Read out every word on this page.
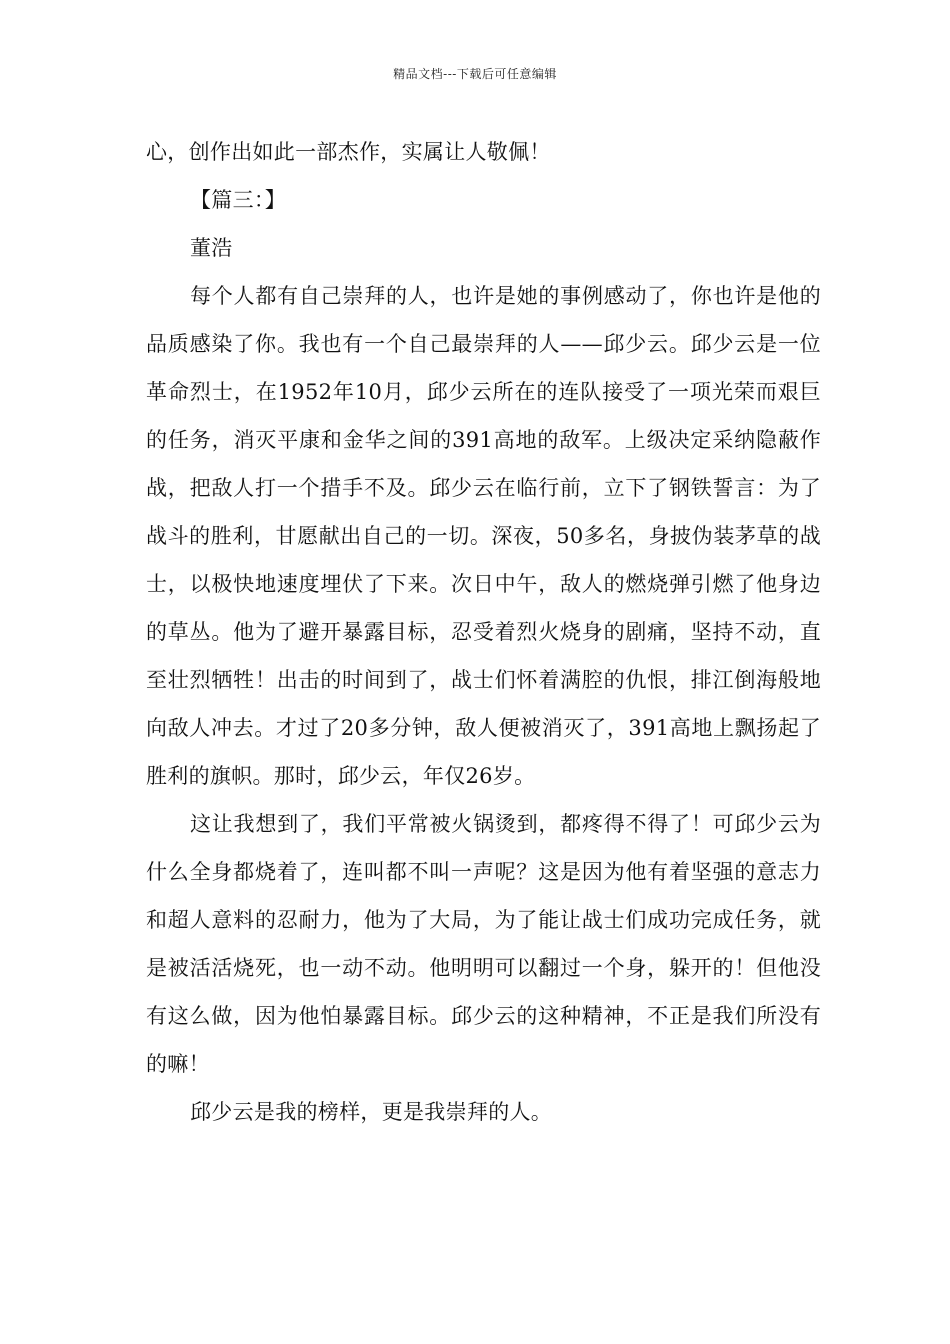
精品文档---下载后可任意编辑

心，创作出如此一部杰作，实属让人敬佩！

【篇三：】

董浩

每个人都有自己崇拜的人，也许是她的事例感动了，你也许是他的品质感染了你。我也有一个自己最崇拜的人——邱少云。邱少云是一位革命烈士，在1952年10月，邱少云所在的连队接受了一项光荣而艰巨的任务，消灭平康和金华之间的391高地的敌军。上级决定采纳隐蔽作战，把敌人打一个措手不及。邱少云在临行前，立下了钢铁誓言：为了战斗的胜利，甘愿献出自己的一切。深夜，50多名，身披伪装茅草的战士，以极快地速度埋伏了下来。次日中午，敌人的燃烧弹引燃了他身边的草丛。他为了避开暴露目标，忍受着烈火烧身的剧痛，坚持不动，直至壮烈牺牲！出击的时间到了，战士们怀着满腔的仇恨，排江倒海般地向敌人冲去。才过了20多分钟，敌人便被消灭了，391高地上飘扬起了胜利的旗帜。那时，邱少云，年仅26岁。

这让我想到了，我们平常被火锅烫到，都疼得不得了！可邱少云为什么全身都烧着了，连叫都不叫一声呢？这是因为他有着坚强的意志力和超人意料的忍耐力，他为了大局，为了能让战士们成功完成任务，就是被活活烧死，也一动不动。他明明可以翻过一个身，躲开的！但他没有这么做，因为他怕暴露目标。邱少云的这种精神，不正是我们所没有的嘛！

邱少云是我的榜样，更是我崇拜的人。
